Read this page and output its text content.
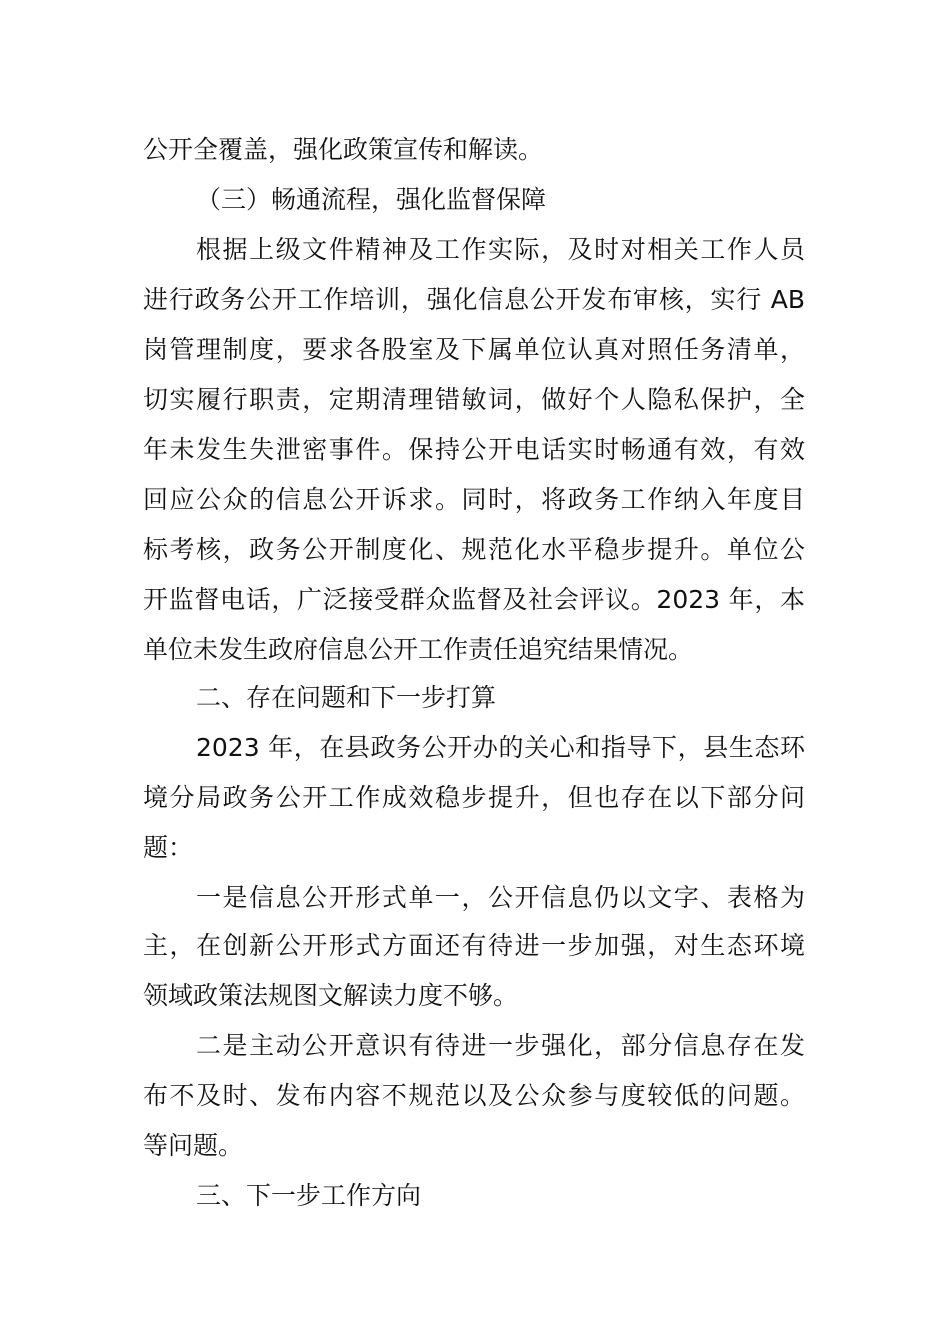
公开全覆盖，强化政策宣传和解读。
（三）畅通流程，强化监督保障
根据上级文件精神及工作实际，及时对相关工作人员
进行政务公开工作培训，强化信息公开发布审核，实行 AB
岗管理制度，要求各股室及下属单位认真对照任务清单，
切实履行职责，定期清理错敏词，做好个人隐私保护，全
年未发生失泄密事件。保持公开电话实时畅通有效，有效
回应公众的信息公开诉求。同时，将政务工作纳入年度目
标考核，政务公开制度化、规范化水平稳步提升。单位公
开监督电话，广泛接受群众监督及社会评议。2023 年，本
单位未发生政府信息公开工作责任追究结果情况。
二、存在问题和下一步打算
2023 年，在县政务公开办的关心和指导下，县生态环
境分局政务公开工作成效稳步提升，但也存在以下部分问
题：
一是信息公开形式单一，公开信息仍以文字、表格为
主，在创新公开形式方面还有待进一步加强，对生态环境
领域政策法规图文解读力度不够。
二是主动公开意识有待进一步强化，部分信息存在发
布不及时、发布内容不规范以及公众参与度较低的问题。
等问题。
三、下一步工作方向
